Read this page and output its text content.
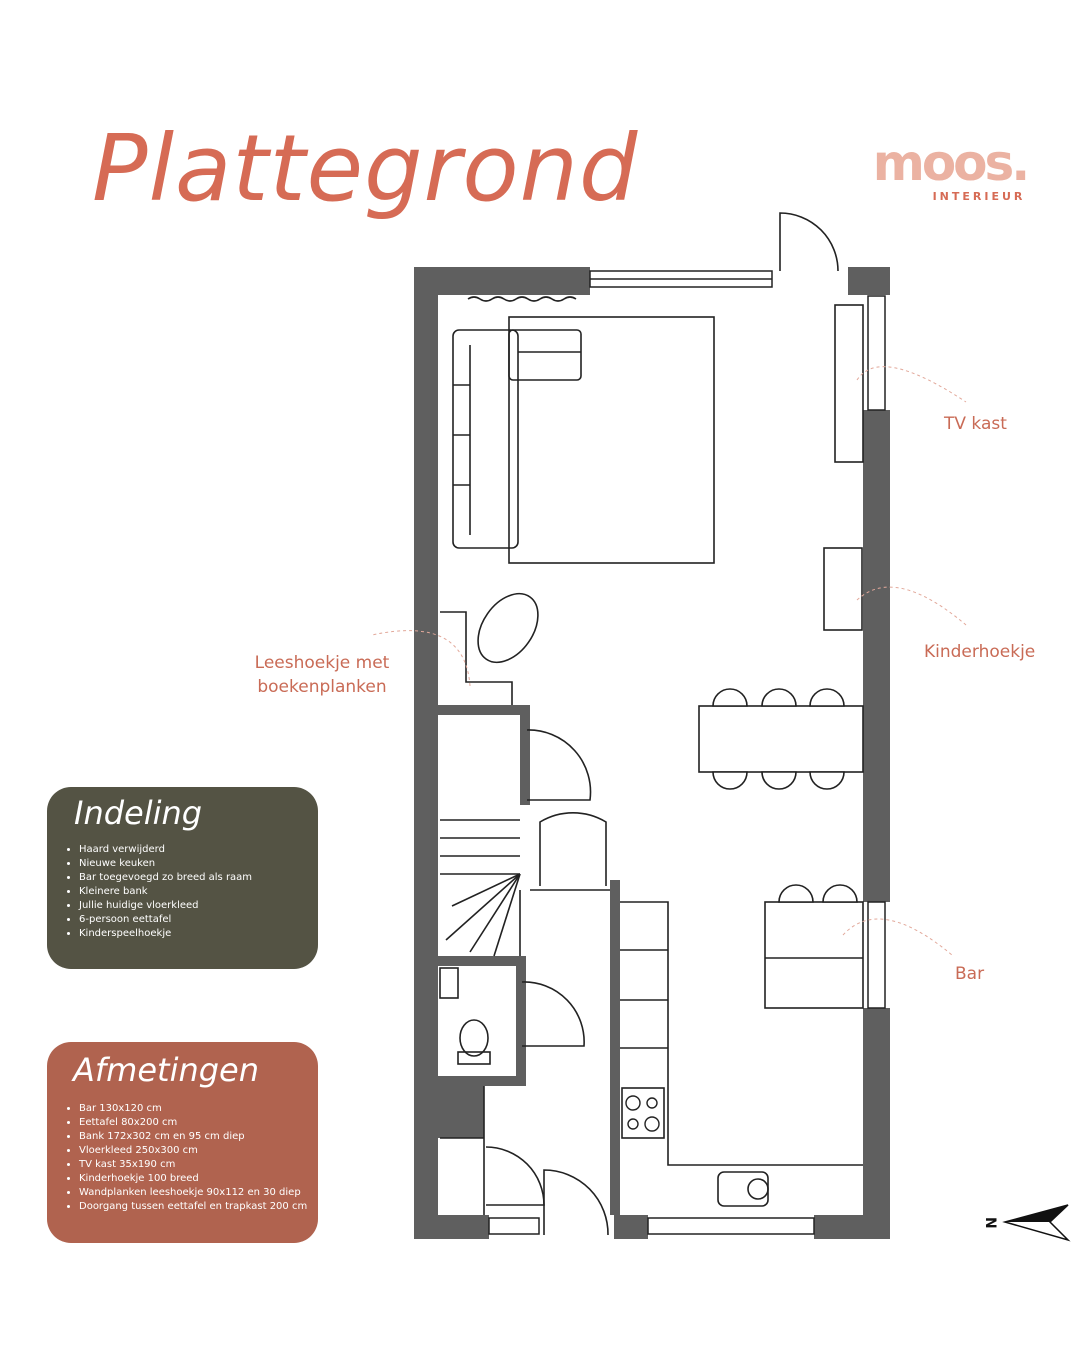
Plattegrond	moos.
INTERIEUR
N
TV kast
Kinderhoekje
Bar
Leeshoekje met
boekenplanken
Indeling
• Haard verwijderd
• Nieuwe keuken
• Bar toegevoegd zo breed als raam
• Kleinere bank
• Jullie huidige vloerkleed
• 6-persoon eettafel
• Kinderspeelhoekje
Afmetingen
• Bar 130x120 cm
• Eettafel 80x200 cm
• Bank 172x302 cm en 95 cm diep
• Vloerkleed 250x300 cm
• TV kast 35x190 cm
• Kinderhoekje 100 breed
• Wandplanken leeshoekje 90x112 en 30 diep
• Doorgang tussen eettafel en trapkast 200 cm
